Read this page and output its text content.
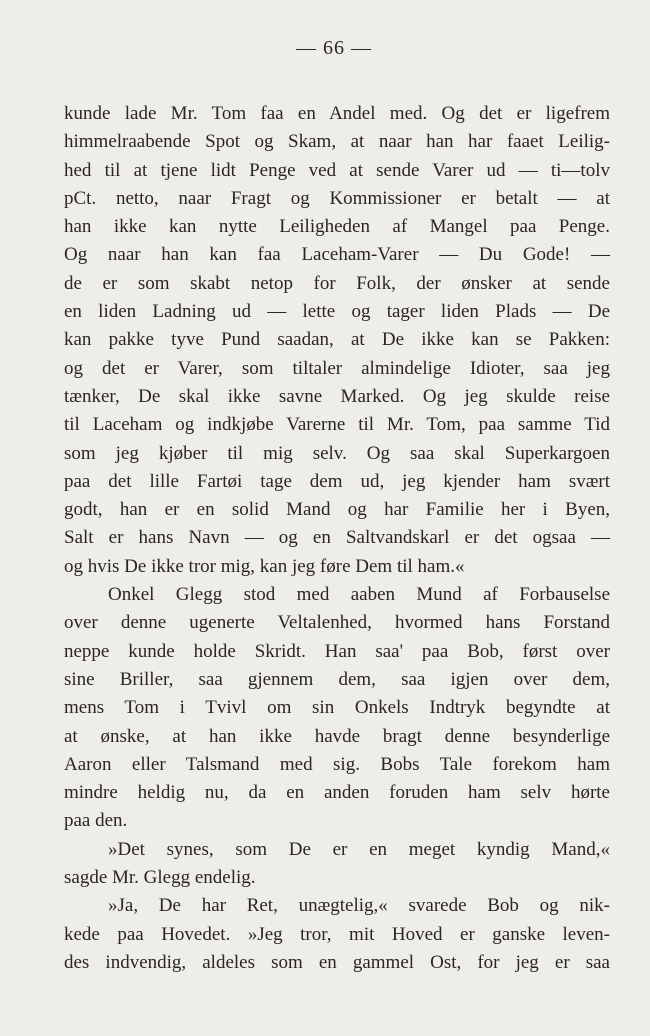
— 66 —
kunde lade Mr. Tom faa en Andel med. Og det er ligefrem
himmelraabende Spot og Skam, at naar han har faaet Leilig-
hed til at tjene lidt Penge ved at sende Varer ud — ti—tolv
pCt. netto, naar Fragt og Kommissioner er betalt — at
han ikke kan nytte Leiligheden af Mangel paa Penge.
Og naar han kan faa Laceham-Varer — Du Gode! —
de er som skabt netop for Folk, der ønsker at sende
en liden Ladning ud — lette og tager liden Plads — De
kan pakke tyve Pund saadan, at De ikke kan se Pakken:
og det er Varer, som tiltaler almindelige Idioter, saa jeg
tænker, De skal ikke savne Marked. Og jeg skulde reise
til Laceham og indkjøbe Varerne til Mr. Tom, paa samme Tid
som jeg kjøber til mig selv. Og saa skal Superkargoen
paa det lille Fartøi tage dem ud, jeg kjender ham svært
godt, han er en solid Mand og har Familie her i Byen,
Salt er hans Navn — og en Saltvandskarl er det ogsaa —
og hvis De ikke tror mig, kan jeg føre Dem til ham.«
Onkel Glegg stod med aaben Mund af Forbauselse
over denne ugenerte Veltalenhed, hvormed hans Forstand
neppe kunde holde Skridt. Han saa' paa Bob, først over
sine Briller, saa gjennem dem, saa igjen over dem,
mens Tom i Tvivl om sin Onkels Indtryk begyndte at
at ønske, at han ikke havde bragt denne besynderlige
Aaron eller Talsmand med sig. Bobs Tale forekom ham
mindre heldig nu, da en anden foruden ham selv hørte
paa den.
»Det synes, som De er en meget kyndig Mand,«
sagde Mr. Glegg endelig.
»Ja, De har Ret, unægtelig,« svarede Bob og nik-
kede paa Hovedet. »Jeg tror, mit Hoved er ganske leven-
des indvendig, aldeles som en gammel Ost, for jeg er saa
